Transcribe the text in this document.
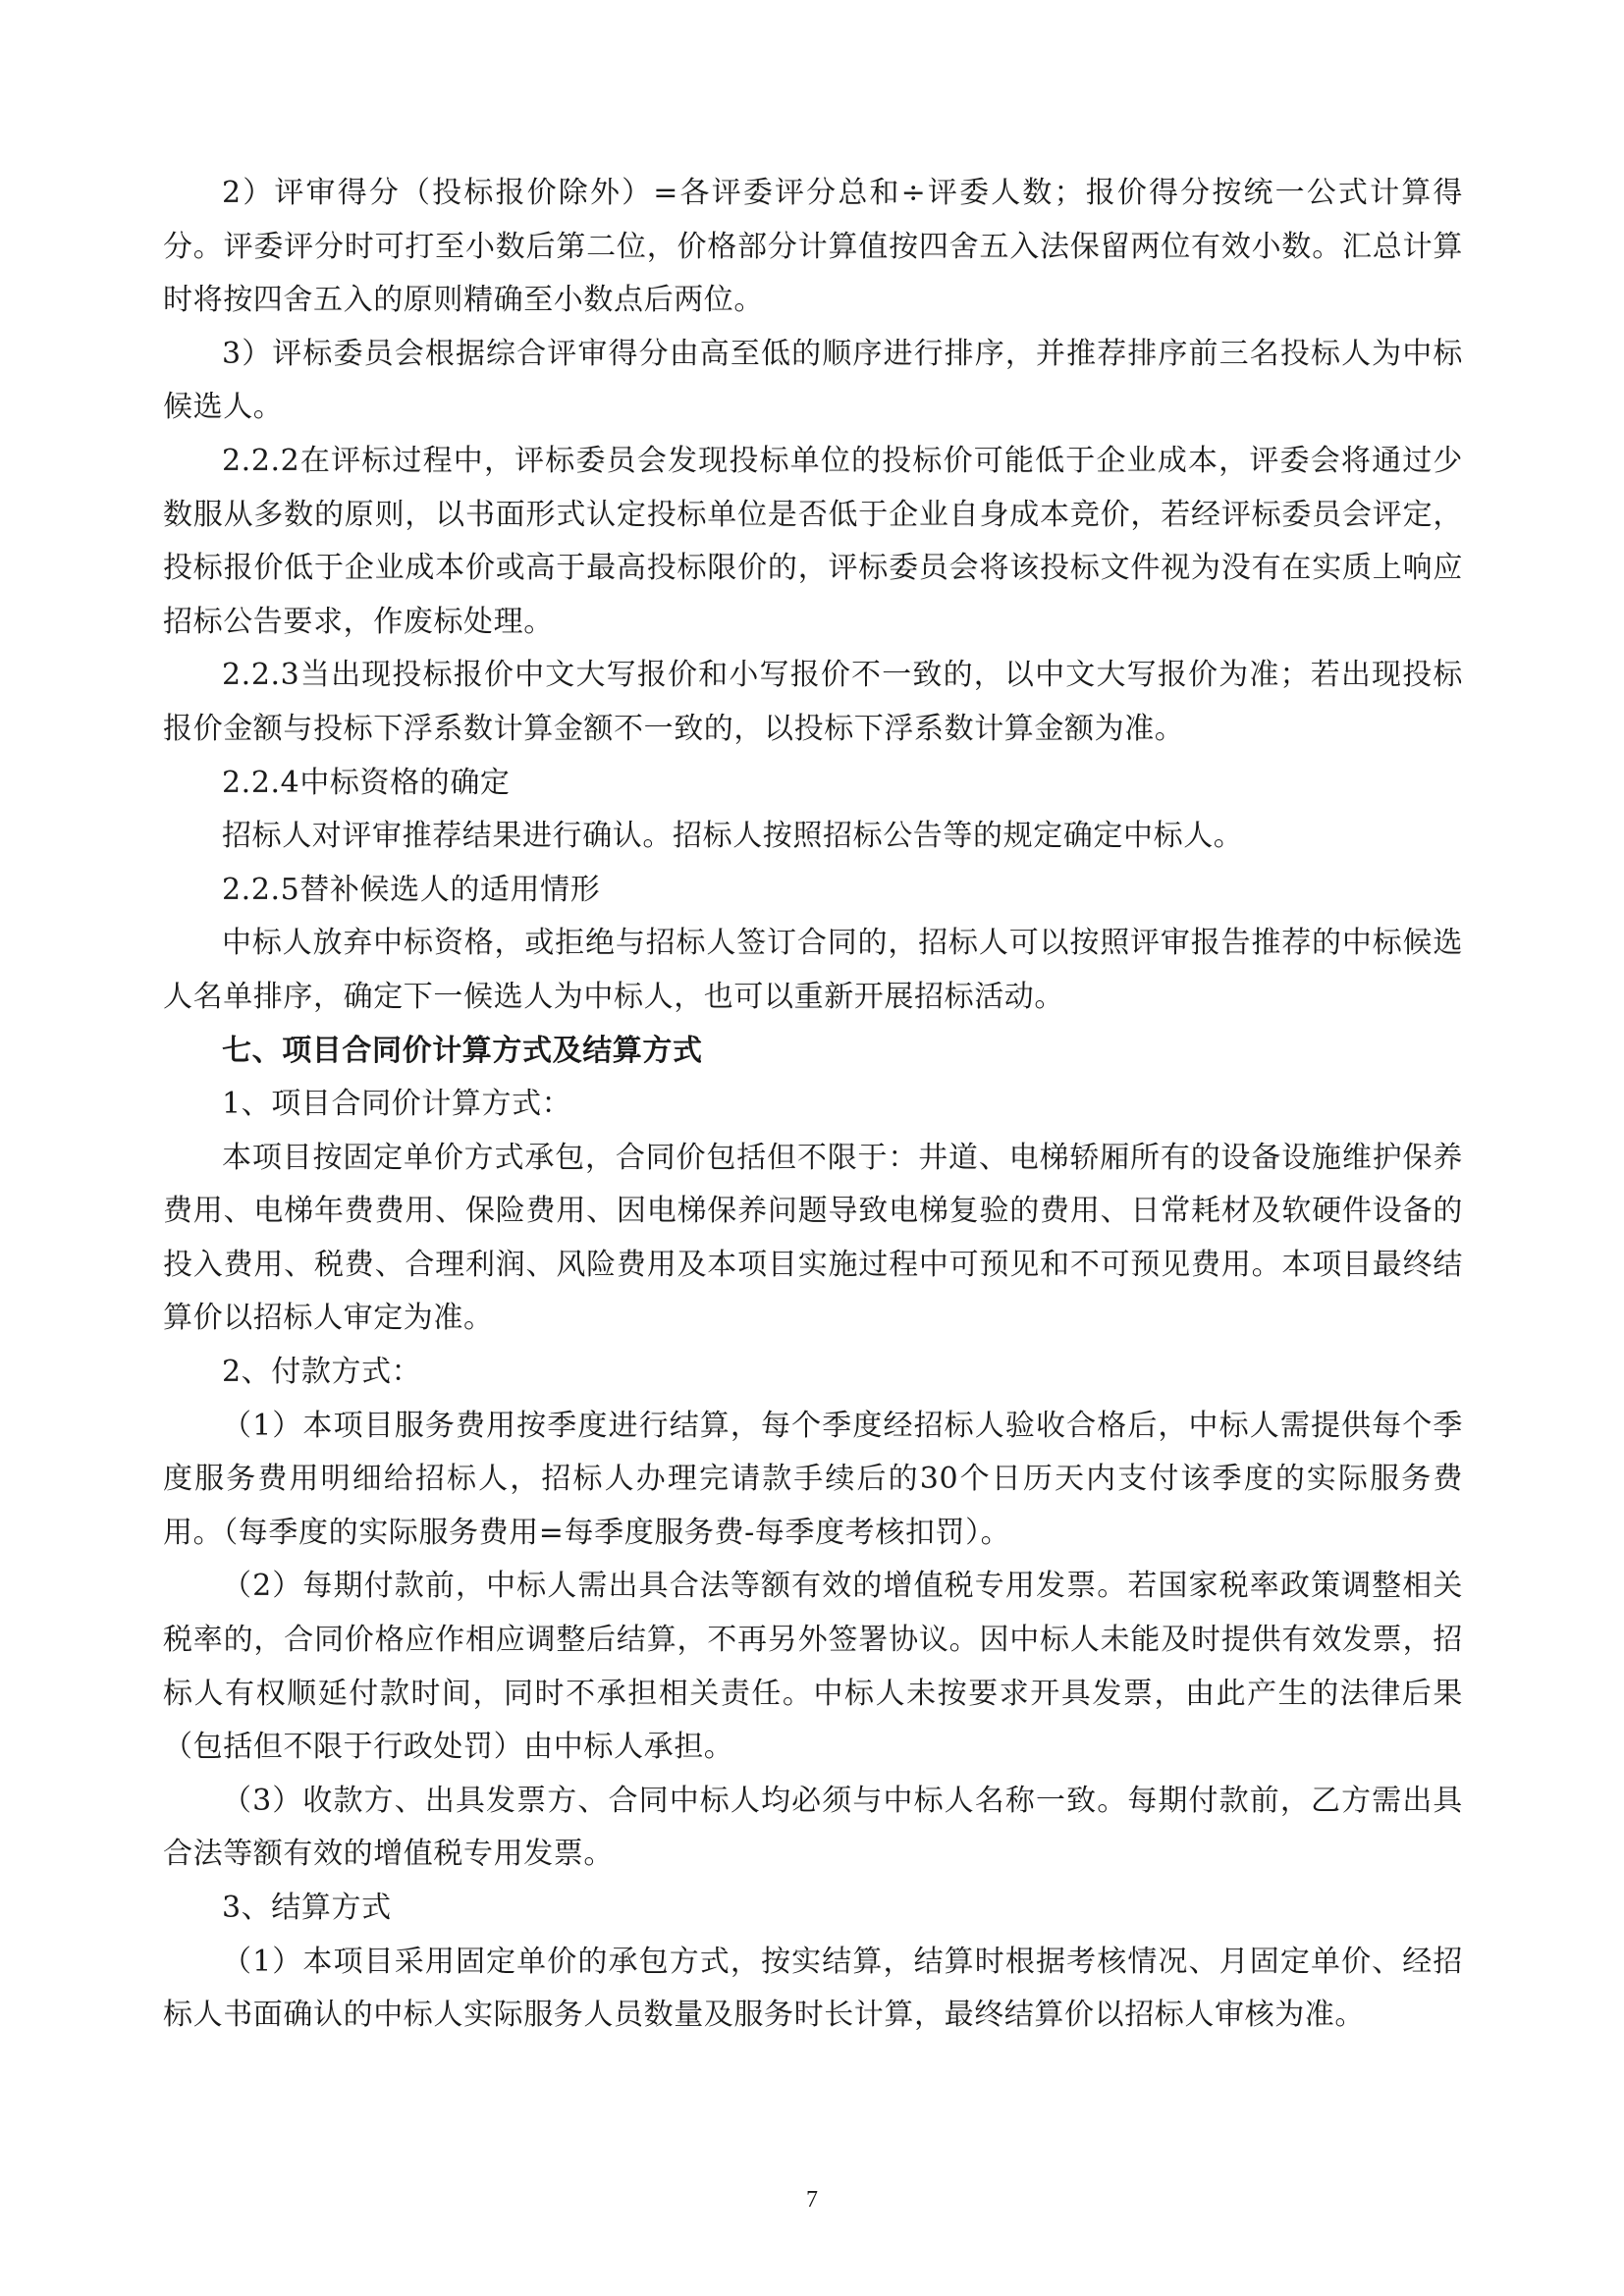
2）评审得分（投标报价除外）=各评委评分总和÷评委人数；报价得分按统一公式计算得分。评委评分时可打至小数后第二位，价格部分计算值按四舍五入法保留两位有效小数。汇总计算时将按四舍五入的原则精确至小数点后两位。

3）评标委员会根据综合评审得分由高至低的顺序进行排序，并推荐排序前三名投标人为中标候选人。

2.2.2在评标过程中，评标委员会发现投标单位的投标价可能低于企业成本，评委会将通过少数服从多数的原则，以书面形式认定投标单位是否低于企业自身成本竞价，若经评标委员会评定，投标报价低于企业成本价或高于最高投标限价的，评标委员会将该投标文件视为没有在实质上响应招标公告要求，作废标处理。

2.2.3当出现投标报价中文大写报价和小写报价不一致的，以中文大写报价为准；若出现投标报价金额与投标下浮系数计算金额不一致的，以投标下浮系数计算金额为准。

2.2.4中标资格的确定

招标人对评审推荐结果进行确认。招标人按照招标公告等的规定确定中标人。

2.2.5替补候选人的适用情形

中标人放弃中标资格，或拒绝与招标人签订合同的，招标人可以按照评审报告推荐的中标候选人名单排序，确定下一候选人为中标人，也可以重新开展招标活动。

七、项目合同价计算方式及结算方式

1、项目合同价计算方式：

本项目按固定单价方式承包，合同价包括但不限于：井道、电梯轿厢所有的设备设施维护保养费用、电梯年费费用、保险费用、因电梯保养问题导致电梯复验的费用、日常耗材及软硬件设备的投入费用、税费、合理利润、风险费用及本项目实施过程中可预见和不可预见费用。本项目最终结算价以招标人审定为准。

2、付款方式：

（1）本项目服务费用按季度进行结算，每个季度经招标人验收合格后，中标人需提供每个季度服务费用明细给招标人，招标人办理完请款手续后的30个日历天内支付该季度的实际服务费用。（每季度的实际服务费用=每季度服务费-每季度考核扣罚）。

（2）每期付款前，中标人需出具合法等额有效的增值税专用发票。若国家税率政策调整相关税率的，合同价格应作相应调整后结算，不再另外签署协议。因中标人未能及时提供有效发票，招标人有权顺延付款时间，同时不承担相关责任。中标人未按要求开具发票，由此产生的法律后果（包括但不限于行政处罚）由中标人承担。

（3）收款方、出具发票方、合同中标人均必须与中标人名称一致。每期付款前，乙方需出具合法等额有效的增值税专用发票。

3、结算方式

（1）本项目采用固定单价的承包方式，按实结算，结算时根据考核情况、月固定单价、经招标人书面确认的中标人实际服务人员数量及服务时长计算，最终结算价以招标人审核为准。

7
